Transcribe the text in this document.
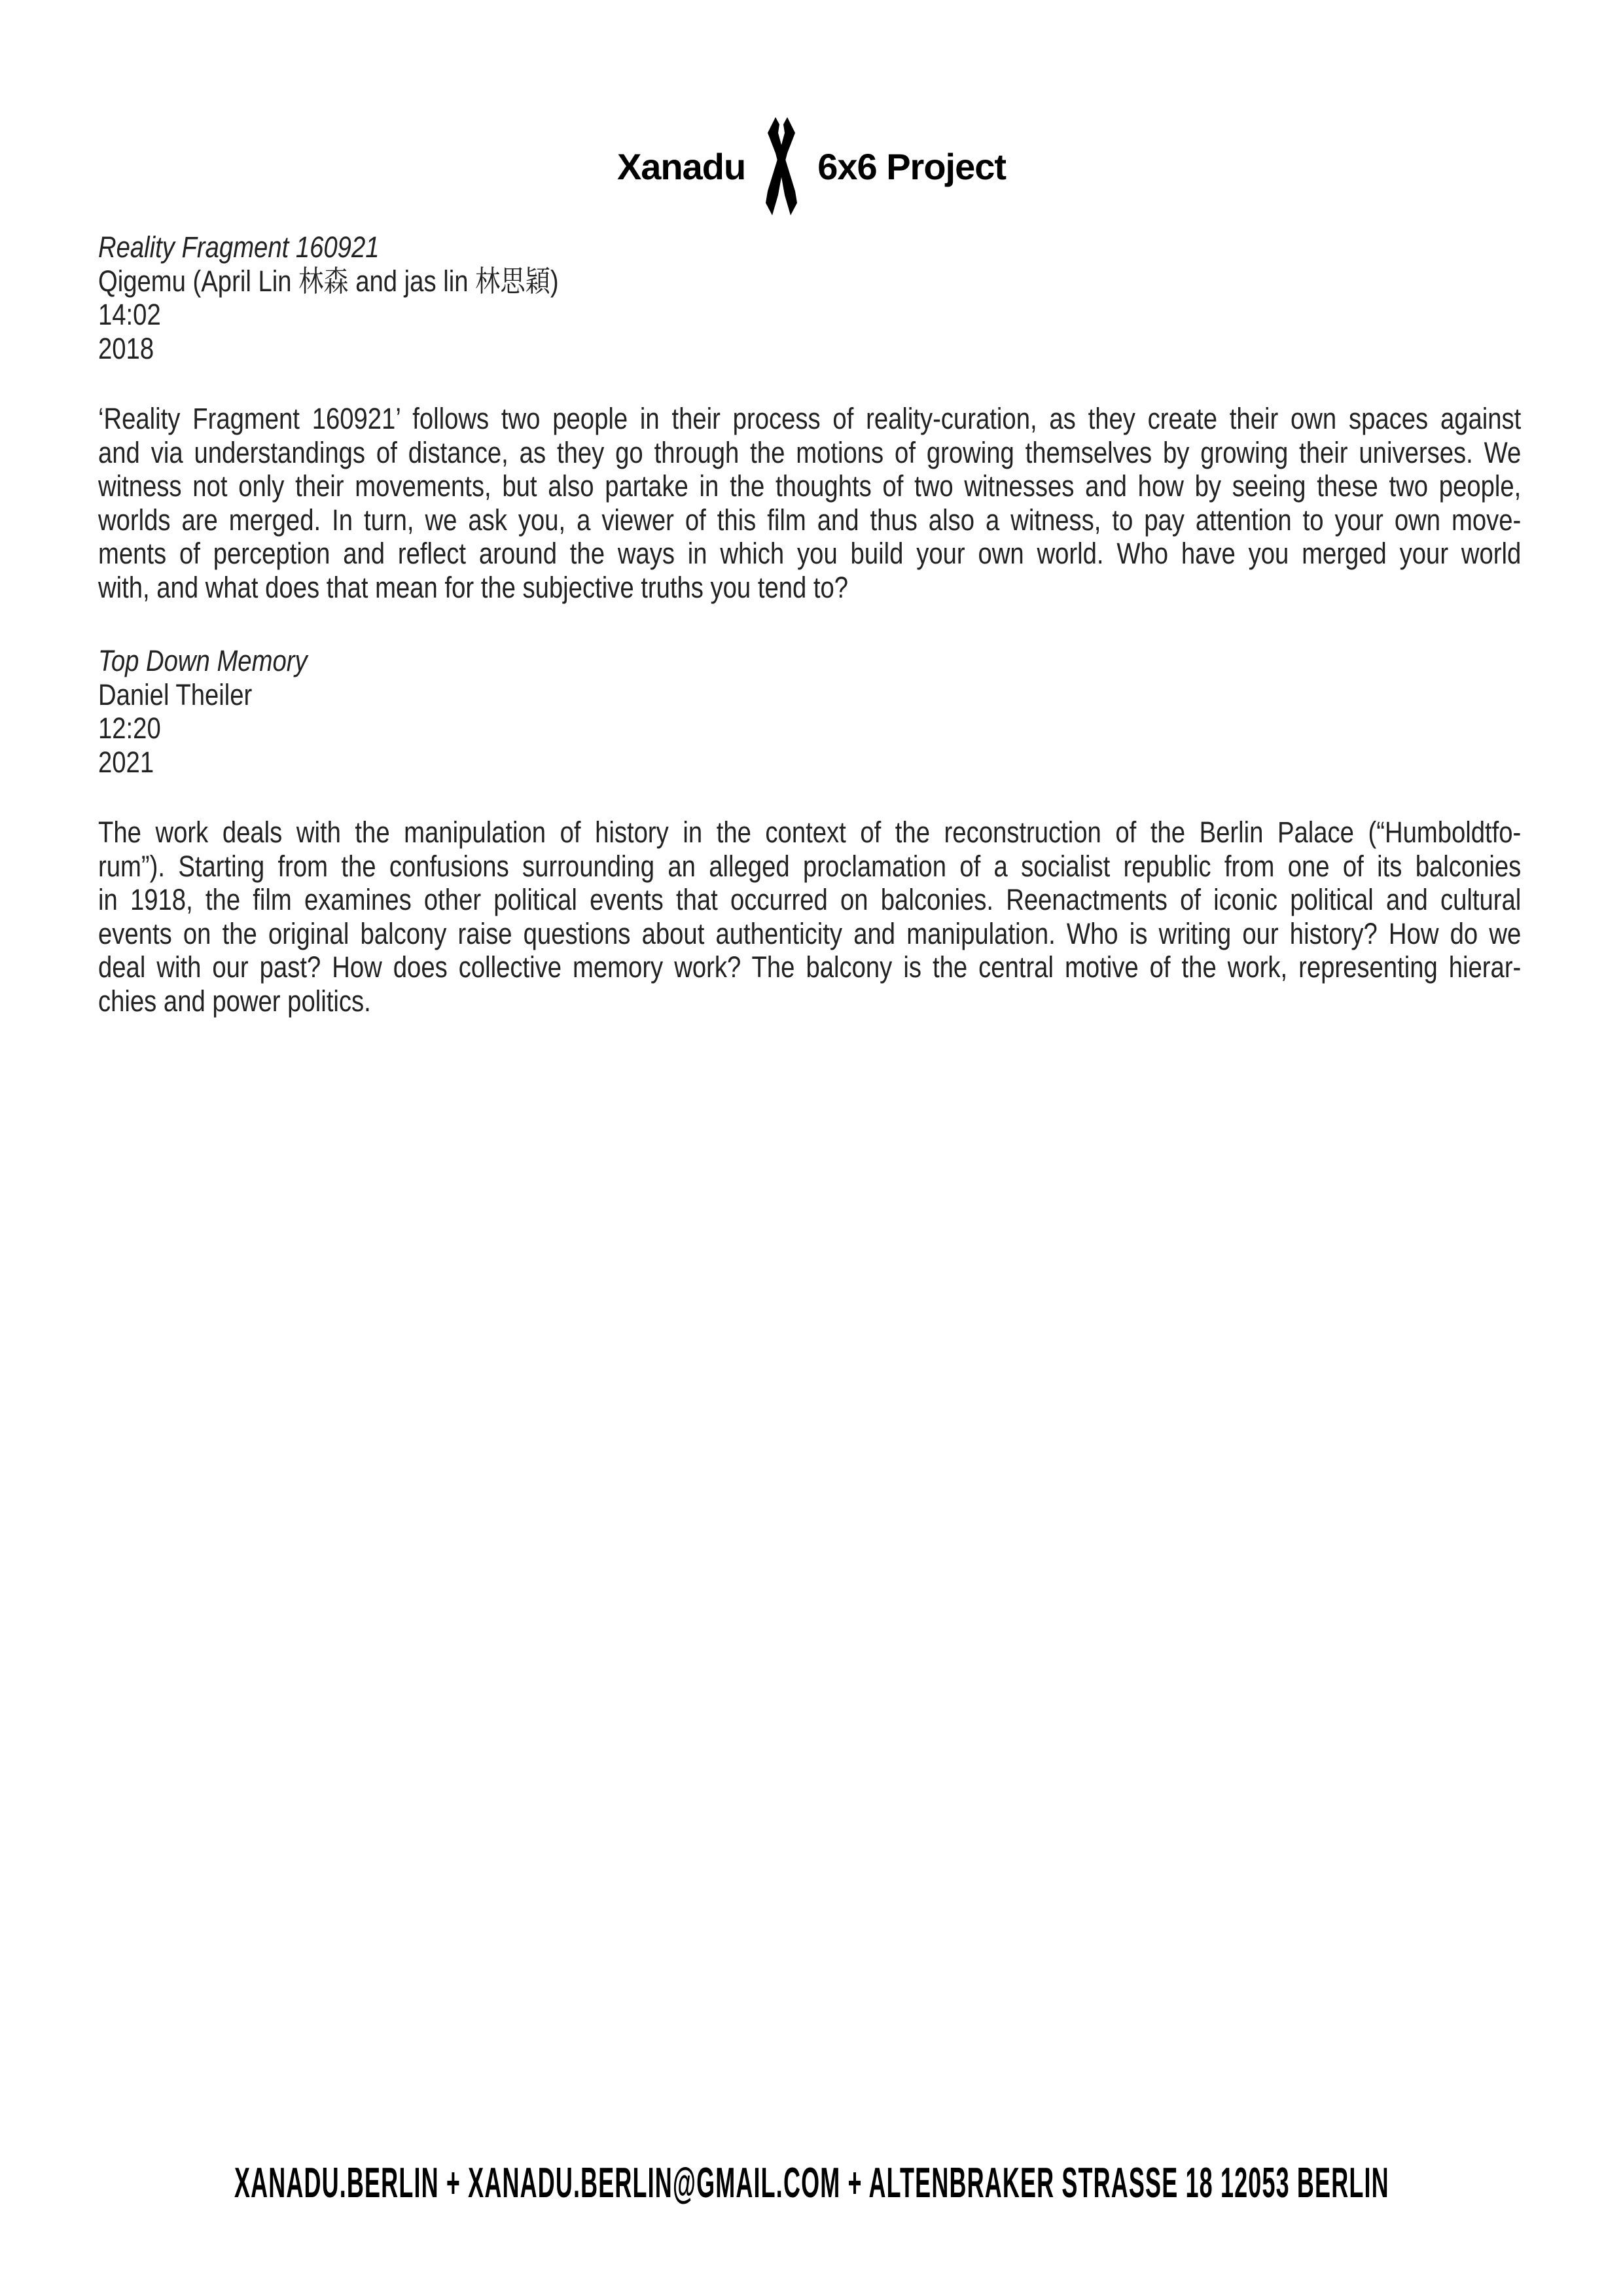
Xanadu 6x6 Project
Reality Fragment 160921
Qigemu (April Lin 林森 and jas lin 林思穎)
14:02
2018
‘Reality Fragment 160921’ follows two people in their process of reality-curation, as they create their own spaces against
and via understandings of distance, as they go through the motions of growing themselves by growing their universes. We
witness not only their movements, but also partake in the thoughts of two witnesses and how by seeing these two people,
worlds are merged. In turn, we ask you, a viewer of this film and thus also a witness, to pay attention to your own move-
ments of perception and reflect around the ways in which you build your own world. Who have you merged your world
with, and what does that mean for the subjective truths you tend to?
Top Down Memory
Daniel Theiler
12:20
2021
The work deals with the manipulation of history in the context of the reconstruction of the Berlin Palace (“Humboldtfo-
rum”). Starting from the confusions surrounding an alleged proclamation of a socialist republic from one of its balconies
in 1918, the film examines other political events that occurred on balconies. Reenactments of iconic political and cultural
events on the original balcony raise questions about authenticity and manipulation. Who is writing our history? How do we
deal with our past? How does collective memory work? The balcony is the central motive of the work, representing hierar-
chies and power politics.
XANADU.BERLIN + XANADU.BERLIN@GMAIL.COM + ALTENBRAKER STRASSE 18 12053 BERLIN
